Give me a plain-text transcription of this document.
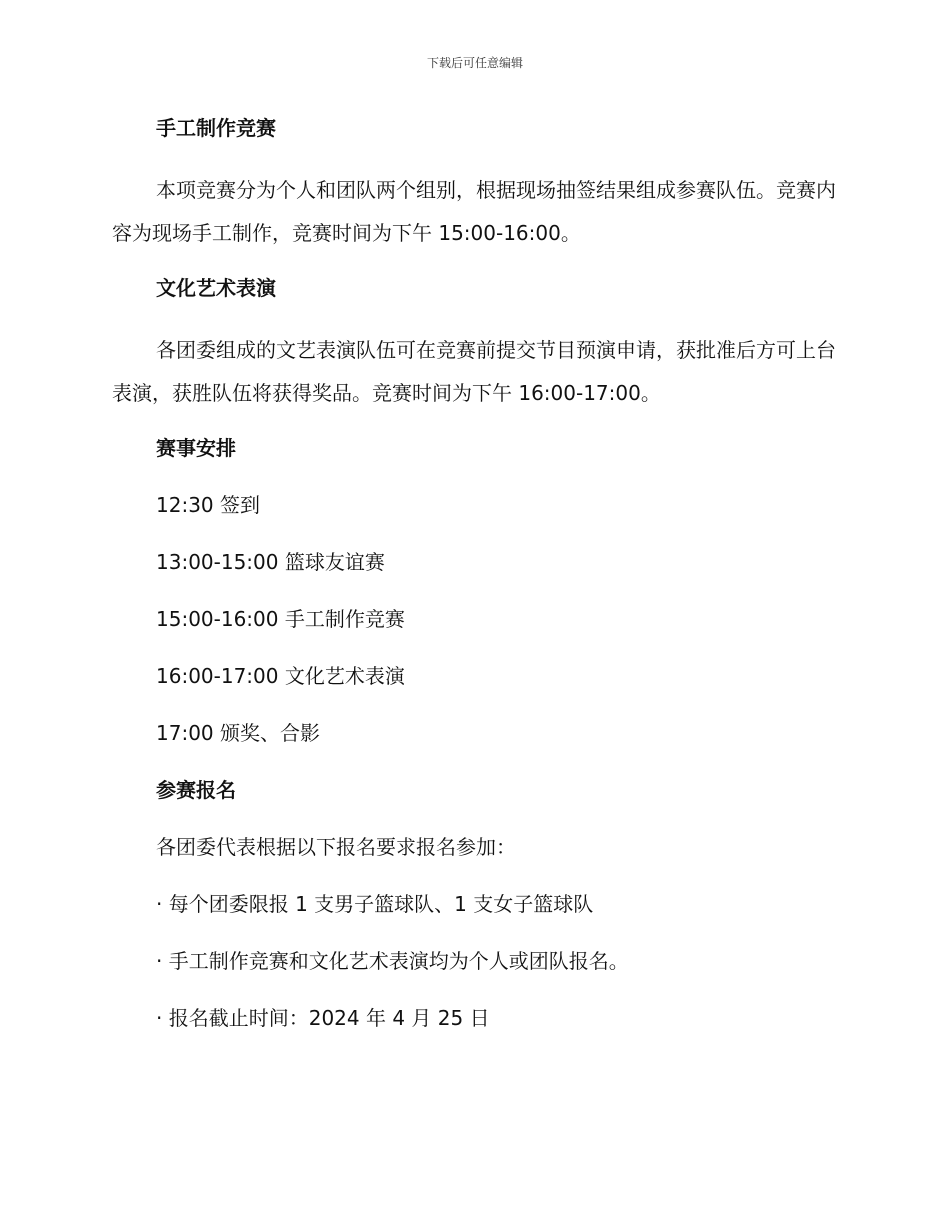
下载后可任意编辑
手工制作竞赛
本项竞赛分为个人和团队两个组别，根据现场抽签结果组成参赛队伍。竞赛内容为现场手工制作，竞赛时间为下午 15:00-16:00。
文化艺术表演
各团委组成的文艺表演队伍可在竞赛前提交节目预演申请，获批准后方可上台表演，获胜队伍将获得奖品。竞赛时间为下午 16:00-17:00。
赛事安排
12:30 签到
13:00-15:00 篮球友谊赛
15:00-16:00 手工制作竞赛
16:00-17:00 文化艺术表演
17:00 颁奖、合影
参赛报名
各团委代表根据以下报名要求报名参加：
· 每个团委限报 1 支男子篮球队、1 支女子篮球队
· 手工制作竞赛和文化艺术表演均为个人或团队报名。
· 报名截止时间：2024 年 4 月 25 日
